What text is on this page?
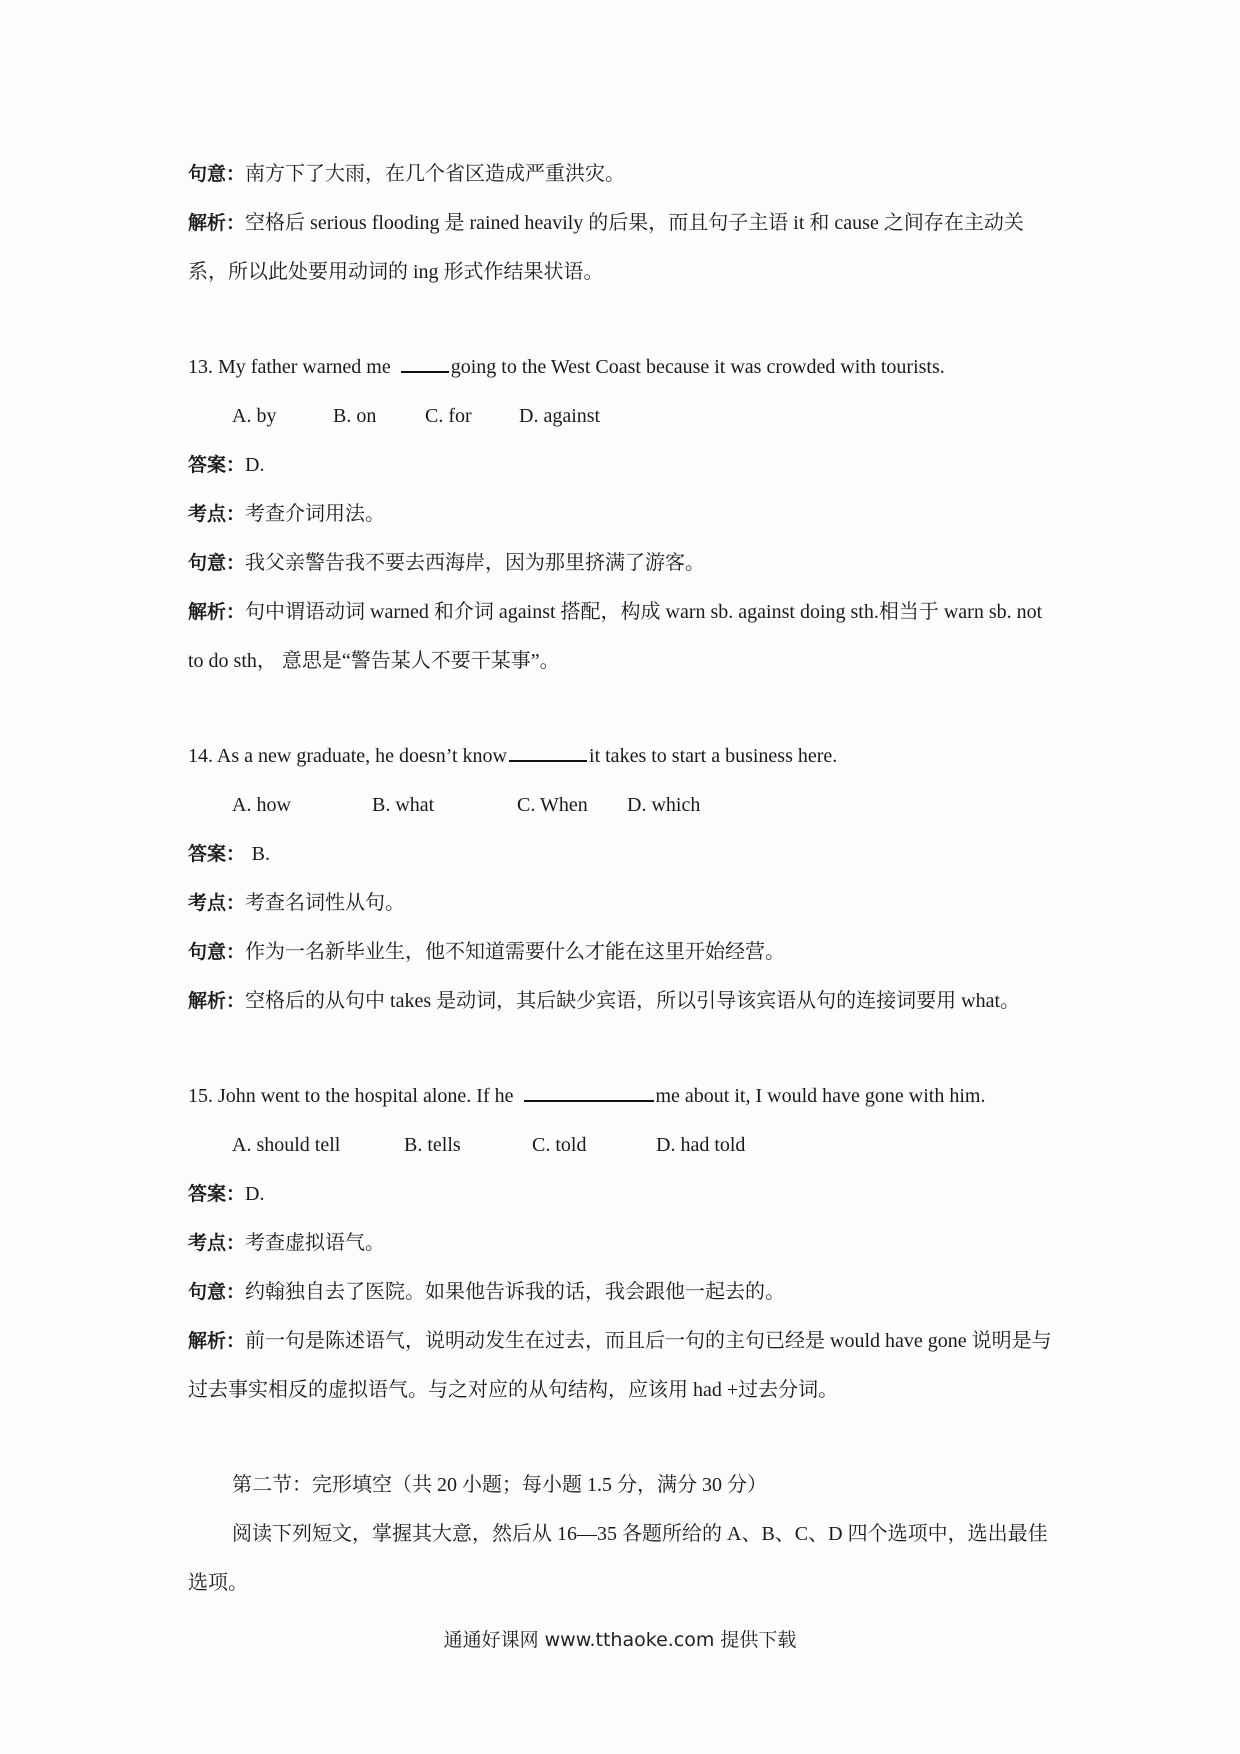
句意：南方下了大雨，在几个省区造成严重洪灾。
解析：空格后 serious flooding 是 rained heavily 的后果，而且句子主语 it 和 cause 之间存在主动关系，所以此处要用动词的 ing 形式作结果状语。
13. My father warned me	going to the West Coast because it was crowded with tourists.
A. by	B. on C. for D. against
答案：D.
考点：考查介词用法。
句意：我父亲警告我不要去西海岸，因为那里挤满了游客。
解析：句中谓语动词 warned 和介词 against 搭配，构成 warn sb. against doing sth.相当于 warn sb. not to do sth， 意思是“警告某人不要干某事”。
14. As a new graduate, he doesn’t know	it takes to start a business here.
A. how	B. what	C. When D. which
答案： B.
考点：考查名词性从句。
句意：作为一名新毕业生，他不知道需要什么才能在这里开始经营。
解析：空格后的从句中 takes 是动词，其后缺少宾语，所以引导该宾语从句的连接词要用 what。
15. John went to the hospital alone. If he	me about it, I would have gone with him.
A. should tell	B. tells	C. told	D. had told
答案：D.
考点：考查虚拟语气。
句意：约翰独自去了医院。如果他告诉我的话，我会跟他一起去的。
解析：前一句是陈述语气，说明动发生在过去，而且后一句的主句已经是 would have gone 说明是与过去事实相反的虚拟语气。与之对应的从句结构，应该用 had +过去分词。
第二节：完形填空（共 20 小题；每小题 1.5 分，满分 30 分）
阅读下列短文，掌握其大意，然后从 16—35 各题所给的 A、B、C、D 四个选项中，选出最佳选项。
通通好课网 www.tthaoke.com 提供下载
